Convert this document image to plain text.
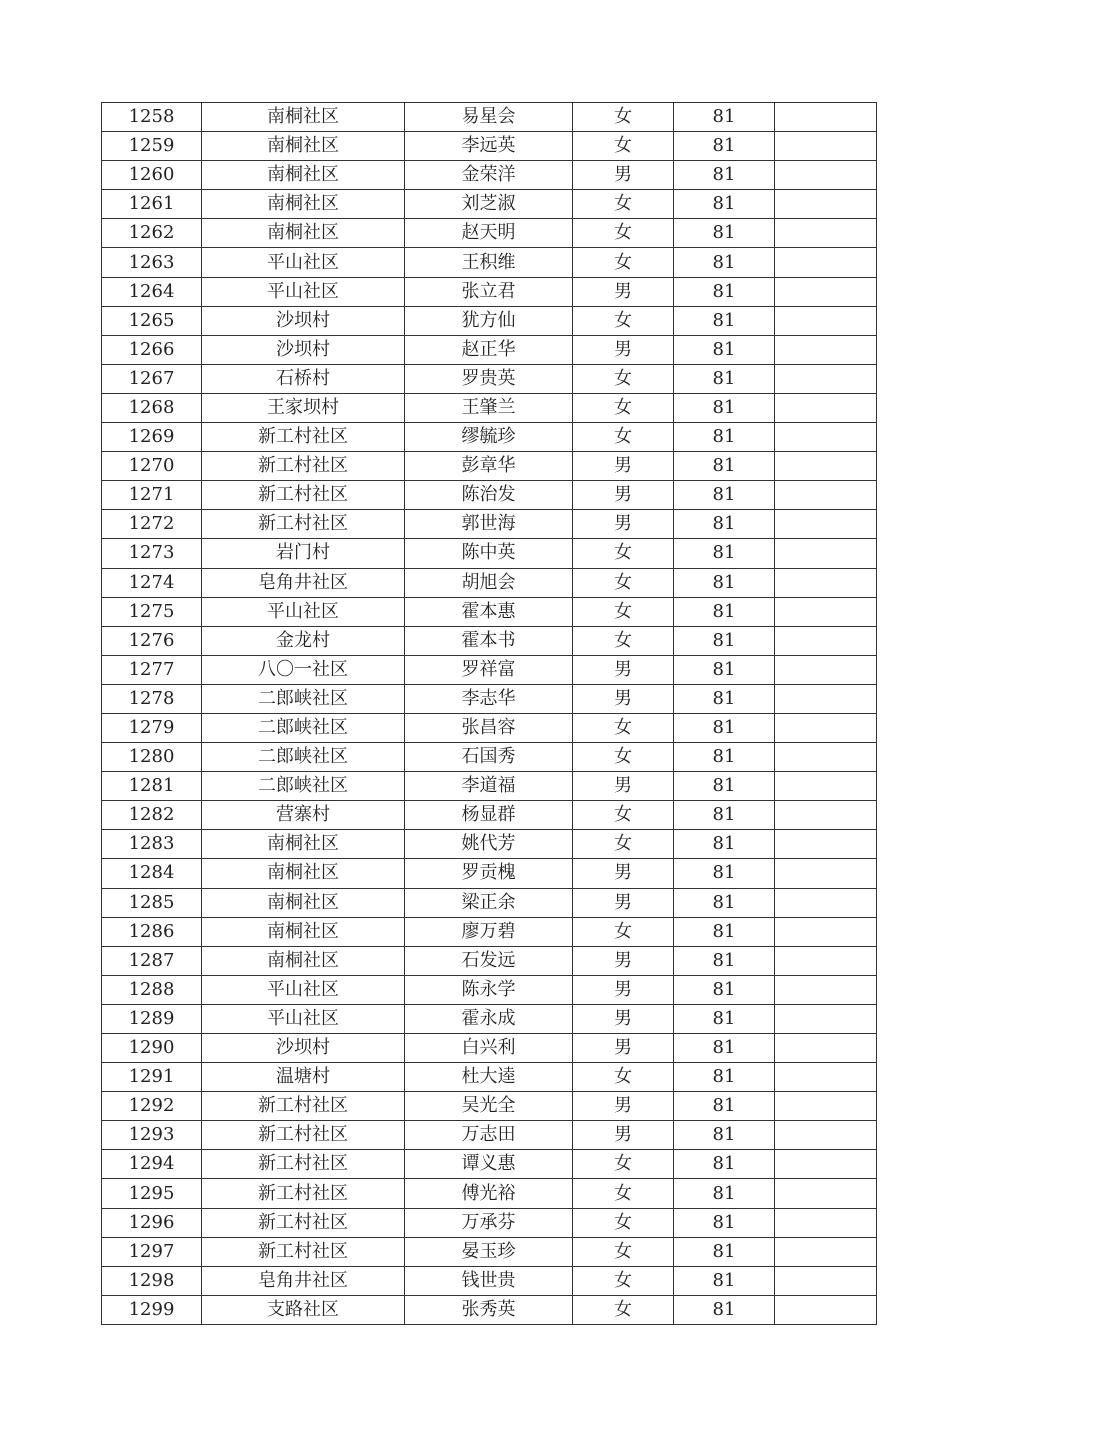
1258	南桐社区	易星会	女	81	
1259	南桐社区	李远英	女	81	
1260	南桐社区	金荣洋	男	81	
1261	南桐社区	刘芝淑	女	81	
1262	南桐社区	赵天明	女	81	
1263	平山社区	王积维	女	81	
1264	平山社区	张立君	男	81	
1265	沙坝村	犹方仙	女	81	
1266	沙坝村	赵正华	男	81	
1267	石桥村	罗贵英	女	81	
1268	王家坝村	王肇兰	女	81	
1269	新工村社区	缪毓珍	女	81	
1270	新工村社区	彭章华	男	81	
1271	新工村社区	陈治发	男	81	
1272	新工村社区	郭世海	男	81	
1273	岩门村	陈中英	女	81	
1274	皂角井社区	胡旭会	女	81	
1275	平山社区	霍本惠	女	81	
1276	金龙村	霍本书	女	81	
1277	八〇一社区	罗祥富	男	81	
1278	二郎峡社区	李志华	男	81	
1279	二郎峡社区	张昌容	女	81	
1280	二郎峡社区	石国秀	女	81	
1281	二郎峡社区	李道福	男	81	
1282	营寨村	杨显群	女	81	
1283	南桐社区	姚代芳	女	81	
1284	南桐社区	罗贡槐	男	81	
1285	南桐社区	梁正余	男	81	
1286	南桐社区	廖万碧	女	81	
1287	南桐社区	石发远	男	81	
1288	平山社区	陈永学	男	81	
1289	平山社区	霍永成	男	81	
1290	沙坝村	白兴利	男	81	
1291	温塘村	杜大逵	女	81	
1292	新工村社区	吴光全	男	81	
1293	新工村社区	万志田	男	81	
1294	新工村社区	谭义惠	女	81	
1295	新工村社区	傅光裕	女	81	
1296	新工村社区	万承芬	女	81	
1297	新工村社区	晏玉珍	女	81	
1298	皂角井社区	钱世贵	女	81	
1299	支路社区	张秀英	女	81	
